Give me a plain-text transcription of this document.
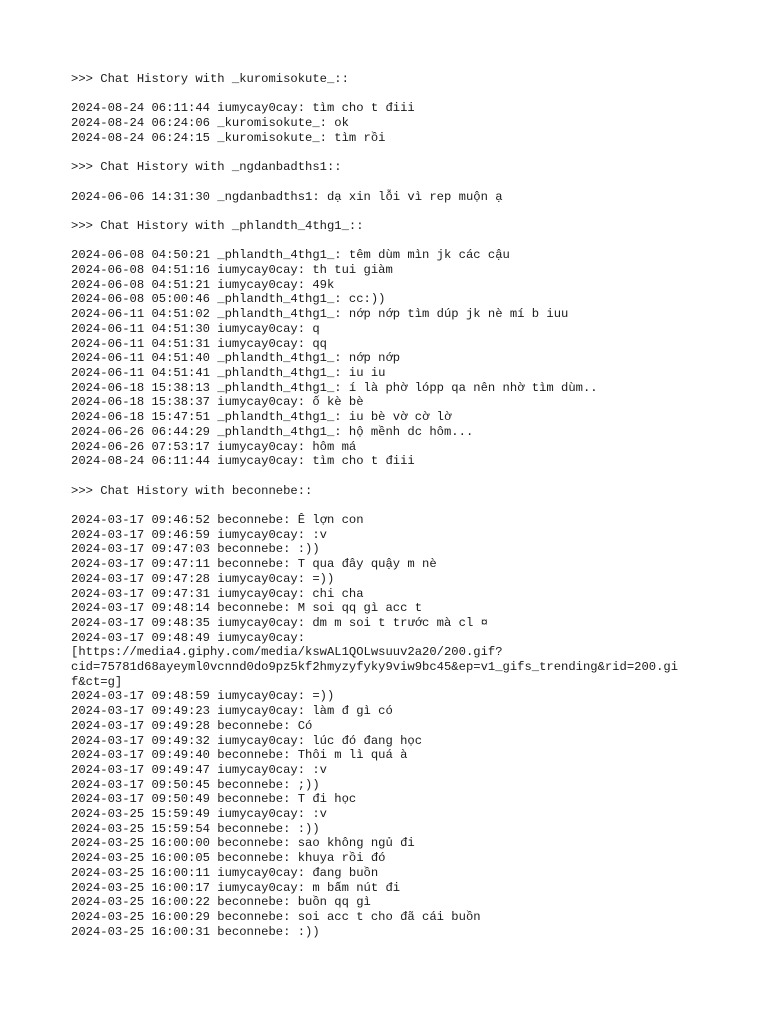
>>> Chat History with _kuromisokute_::
2024-08-24 06:11:44 iumycay0cay: tìm cho t điii
2024-08-24 06:24:06 _kuromisokute_: ok
2024-08-24 06:24:15 _kuromisokute_: tìm rồi
>>> Chat History with _ngdanbadths1::
2024-06-06 14:31:30 _ngdanbadths1: dạ xin lỗi vì rep muộn ạ
>>> Chat History with _phlandth_4thg1_::
2024-06-08 04:50:21 _phlandth_4thg1_: têm dùm mìn jk các cậu
2024-06-08 04:51:16 iumycay0cay: th tui giàm
2024-06-08 04:51:21 iumycay0cay: 49k
2024-06-08 05:00:46 _phlandth_4thg1_: cc:))
2024-06-11 04:51:02 _phlandth_4thg1_: nớp nớp tìm dúp jk nè mí b iuu
2024-06-11 04:51:30 iumycay0cay: q
2024-06-11 04:51:31 iumycay0cay: qq
2024-06-11 04:51:40 _phlandth_4thg1_: nớp nớp
2024-06-11 04:51:41 _phlandth_4thg1_: iu iu
2024-06-18 15:38:13 _phlandth_4thg1_: í là phờ lópp qa nên nhờ tìm dùm..
2024-06-18 15:38:37 iumycay0cay: ố kè bè
2024-06-18 15:47:51 _phlandth_4thg1_: iu bè vờ cờ lờ
2024-06-26 06:44:29 _phlandth_4thg1_: hộ mềnh dc hôm...
2024-06-26 07:53:17 iumycay0cay: hôm má
2024-08-24 06:11:44 iumycay0cay: tìm cho t điii
>>> Chat History with beconnebe::
2024-03-17 09:46:52 beconnebe: Ê lợn con
2024-03-17 09:46:59 iumycay0cay: :v
2024-03-17 09:47:03 beconnebe: :))
2024-03-17 09:47:11 beconnebe: T qua đây quậy m nè
2024-03-17 09:47:28 iumycay0cay: =))
2024-03-17 09:47:31 iumycay0cay: chi cha
2024-03-17 09:48:14 beconnebe: M soi qq gì acc t
2024-03-17 09:48:35 iumycay0cay: dm m soi t trước mà cl ¤
2024-03-17 09:48:49 iumycay0cay:
[https://media4.giphy.com/media/kswAL1QOLwsuuv2a20/200.gif?
cid=75781d68ayeyml0vcnnd0do9pz5kf2hmyzyfyky9viw9bc45&ep=v1_gifs_trending&rid=200.gi
f&ct=g]
2024-03-17 09:48:59 iumycay0cay: =))
2024-03-17 09:49:23 iumycay0cay: làm đ gì có
2024-03-17 09:49:28 beconnebe: Có
2024-03-17 09:49:32 iumycay0cay: lúc đó đang học
2024-03-17 09:49:40 beconnebe: Thôi m lì quá à
2024-03-17 09:49:47 iumycay0cay: :v
2024-03-17 09:50:45 beconnebe: ;))
2024-03-17 09:50:49 beconnebe: T đi học
2024-03-25 15:59:49 iumycay0cay: :v
2024-03-25 15:59:54 beconnebe: :))
2024-03-25 16:00:00 beconnebe: sao không ngủ đi
2024-03-25 16:00:05 beconnebe: khuya rồi đó
2024-03-25 16:00:11 iumycay0cay: đang buồn
2024-03-25 16:00:17 iumycay0cay: m bấm nút đi
2024-03-25 16:00:22 beconnebe: buồn qq gì
2024-03-25 16:00:29 beconnebe: soi acc t cho đã cái buồn
2024-03-25 16:00:31 beconnebe: :))
